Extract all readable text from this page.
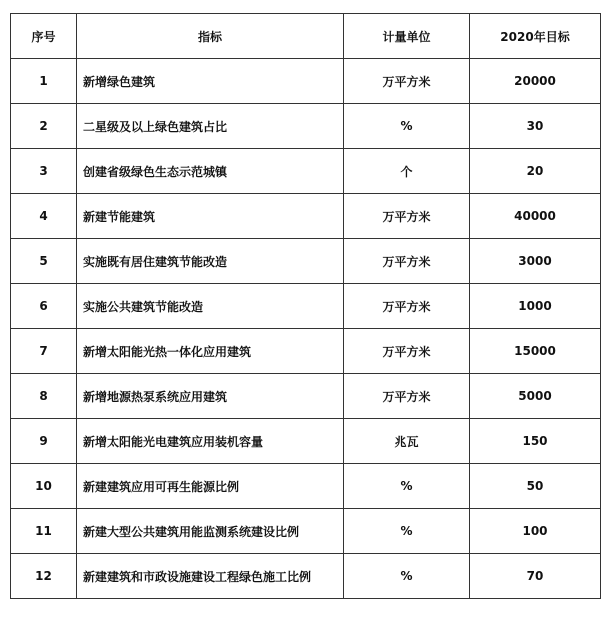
序号	指标	计量单位	2020年目标
1	新增绿色建筑	万平方米	20000
2	二星级及以上绿色建筑占比	%	30
3	创建省级绿色生态示范城镇	个	20
4	新建节能建筑	万平方米	40000
5	实施既有居住建筑节能改造	万平方米	3000
6	实施公共建筑节能改造	万平方米	1000
7	新增太阳能光热一体化应用建筑	万平方米	15000
8	新增地源热泵系统应用建筑	万平方米	5000
9	新增太阳能光电建筑应用装机容量	兆瓦	150
10	新建建筑应用可再生能源比例	%	50
11	新建大型公共建筑用能监测系统建设比例	%	100
12	新建建筑和市政设施建设工程绿色施工比例	%	70
